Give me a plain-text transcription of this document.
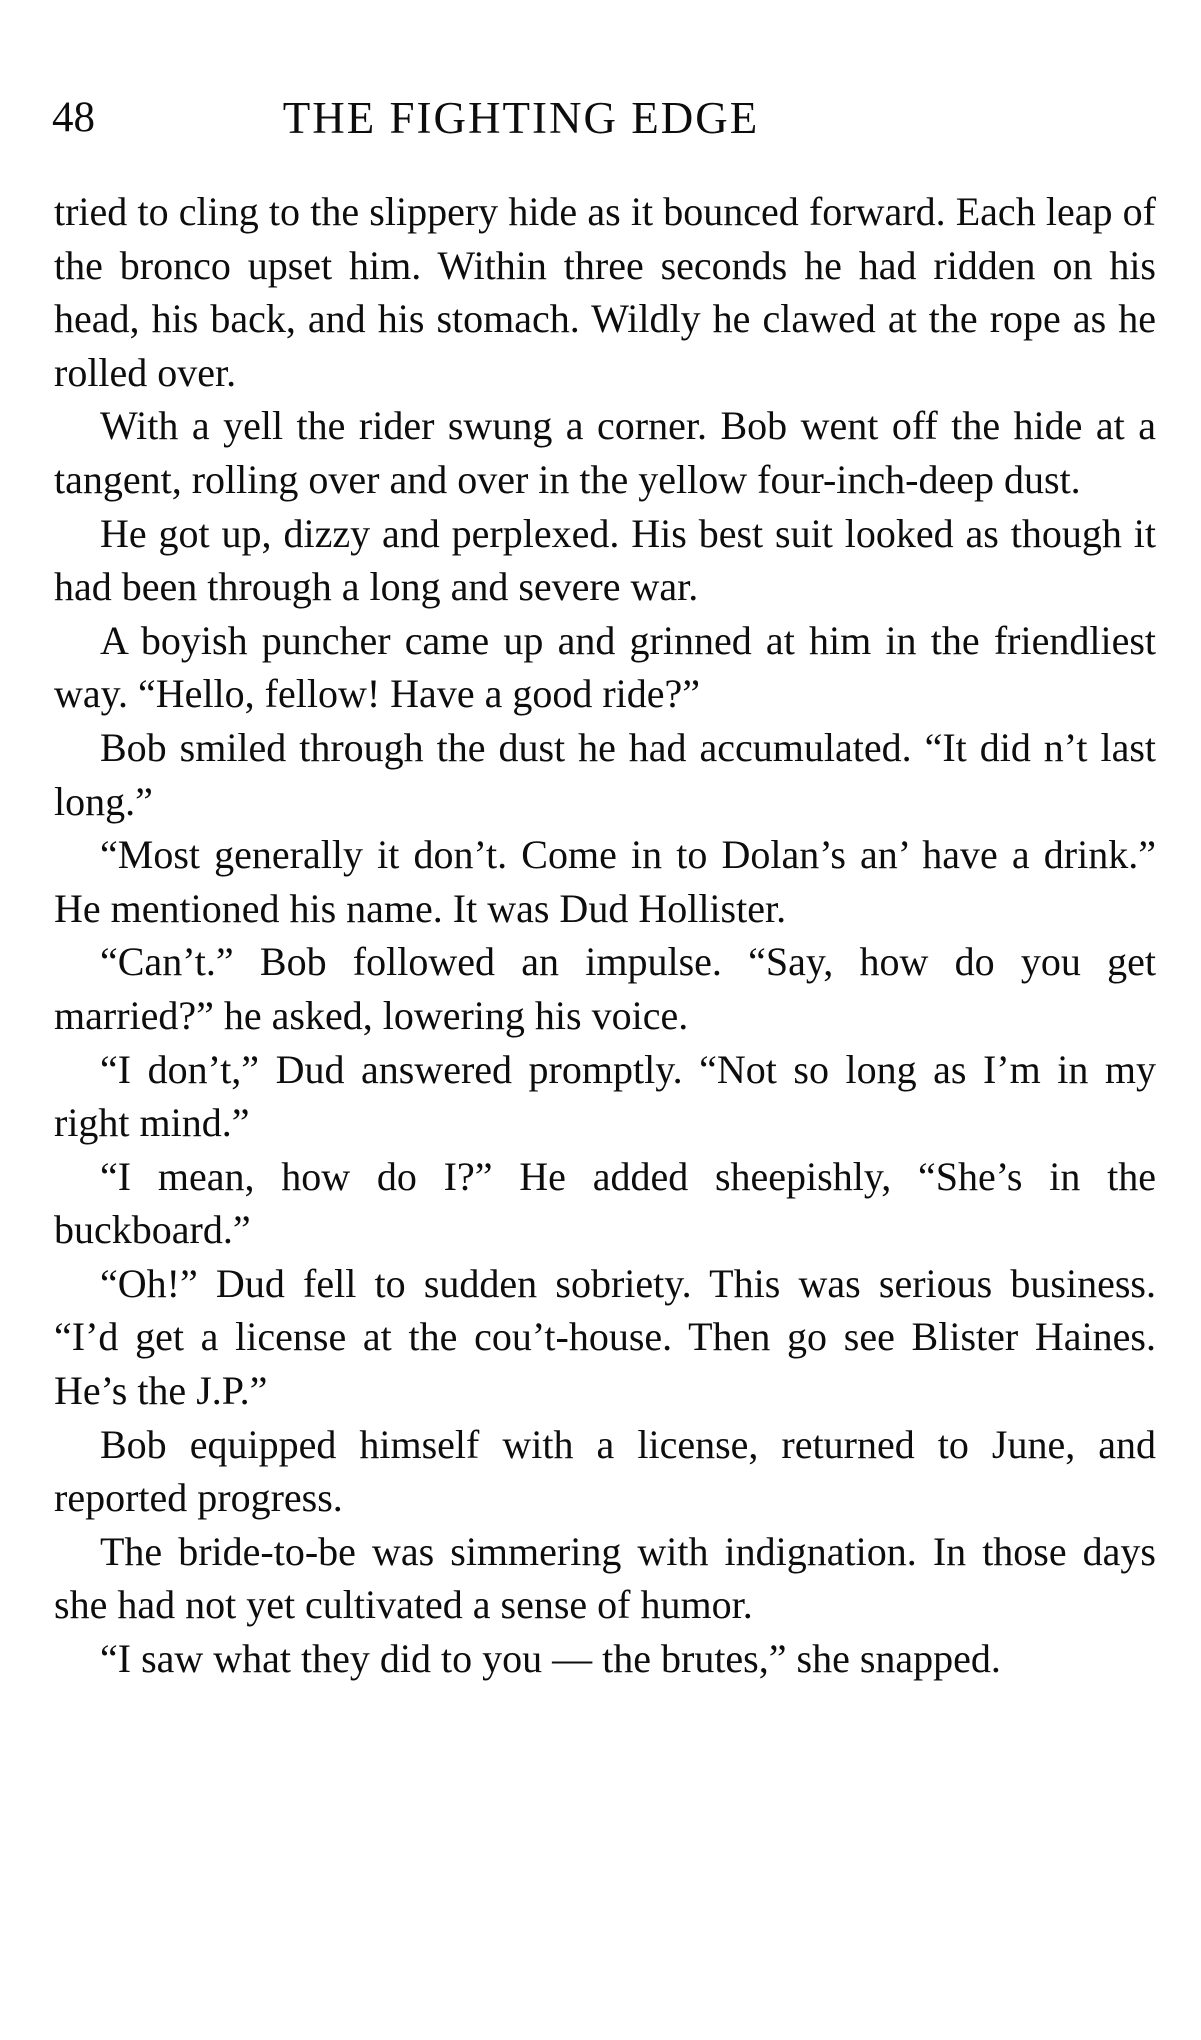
48	THE FIGHTING EDGE

tried to cling to the slippery hide as it bounced forward. Each leap of the bronco upset him. Within three seconds he had ridden on his head, his back, and his stomach. Wildly he clawed at the rope as he rolled over.

With a yell the rider swung a corner. Bob went off the hide at a tangent, rolling over and over in the yellow four-inch-deep dust.

He got up, dizzy and perplexed. His best suit looked as though it had been through a long and severe war.

A boyish puncher came up and grinned at him in the friendliest way. “Hello, fellow! Have a good ride?”

Bob smiled through the dust he had accumulated. “It did n’t last long.”

“Most generally it don’t. Come in to Dolan’s an’ have a drink.” He mentioned his name. It was Dud Hollister.

“Can’t.” Bob followed an impulse. “Say, how do you get married?” he asked, lowering his voice.

“I don’t,” Dud answered promptly. “Not so long as I’m in my right mind.”

“I mean, how do I?” He added sheepishly, “She’s in the buckboard.”

“Oh!” Dud fell to sudden sobriety. This was serious business. “I’d get a license at the cou’t-house. Then go see Blister Haines. He’s the J.P.”

Bob equipped himself with a license, returned to June, and reported progress.

The bride-to-be was simmering with indignation. In those days she had not yet cultivated a sense of humor.

“I saw what they did to you — the brutes,” she snapped.
